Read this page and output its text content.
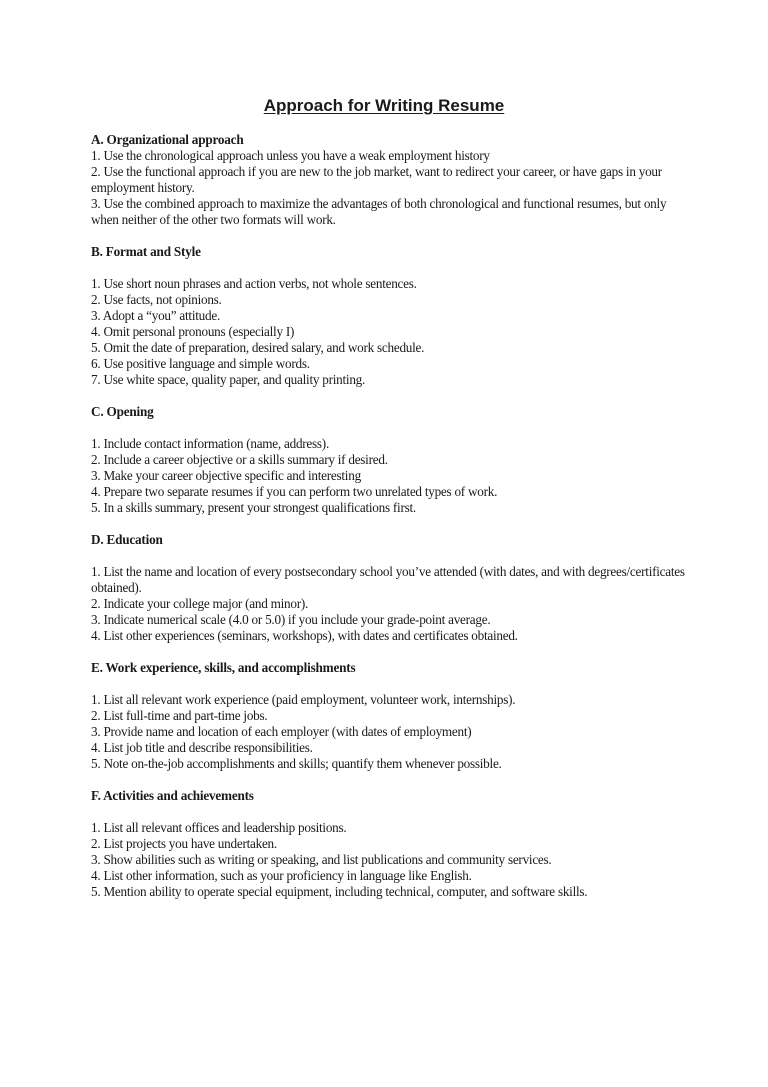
Approach for Writing Resume

A. Organizational approach

1. Use the chronological approach unless you have a weak employment history

2. Use the functional approach if you are new to the job market, want to redirect your career, or have gaps in your employment history.

3. Use the combined approach to maximize the advantages of both chronological and functional resumes, but only when neither of the other two formats will work.

B. Format and Style

1. Use short noun phrases and action verbs, not whole sentences.

2. Use facts, not opinions.

3. Adopt a “you” attitude.

4. Omit personal pronouns (especially I)

5. Omit the date of preparation, desired salary, and work schedule.

6. Use positive language and simple words.

7. Use white space, quality paper, and quality printing.

C. Opening

1. Include contact information (name, address).

2. Include a career objective or a skills summary if desired.

3. Make your career objective specific and interesting

4. Prepare two separate resumes if you can perform two unrelated types of work.

5. In a skills summary, present your strongest qualifications first.

D. Education

1. List the name and location of every postsecondary school you’ve attended (with dates, and with degrees/certificates obtained).

2. Indicate your college major (and minor).

3. Indicate numerical scale (4.0 or 5.0) if you include your grade-point average.

4. List other experiences (seminars, workshops), with dates and certificates obtained.

E. Work experience, skills, and accomplishments

1. List all relevant work experience (paid employment, volunteer work, internships).

2. List full-time and part-time jobs.

3. Provide name and location of each employer (with dates of employment)

4. List job title and describe responsibilities.

5. Note on-the-job accomplishments and skills; quantify them whenever possible.

F. Activities and achievements

1. List all relevant offices and leadership positions.

2. List projects you have undertaken.

3. Show abilities such as writing or speaking, and list publications and community services.

4. List other information, such as your proficiency in language like English.

5. Mention ability to operate special equipment, including technical, computer, and software skills.
